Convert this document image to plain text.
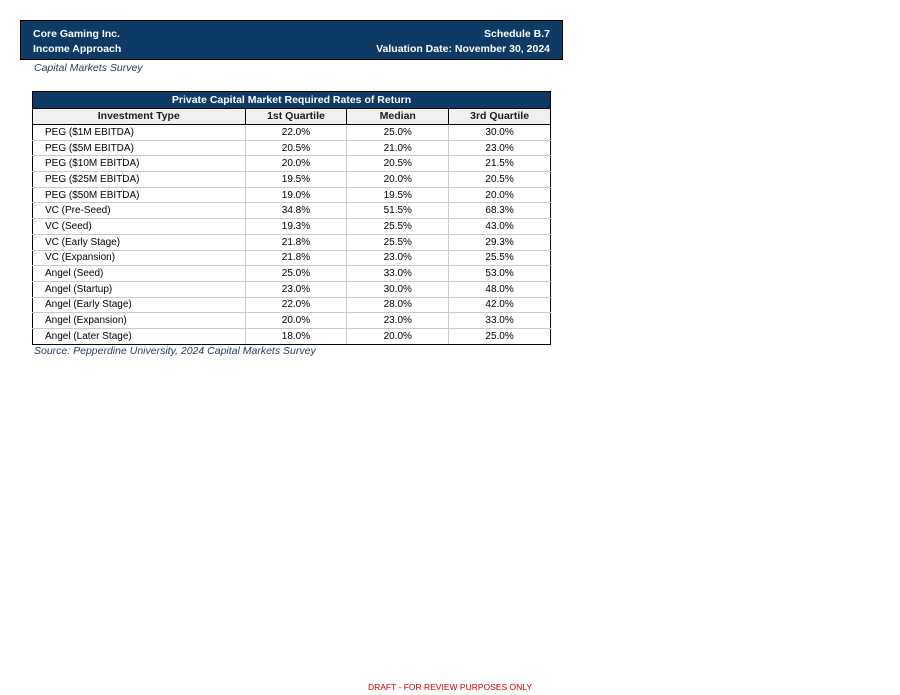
Core Gaming Inc.
Income Approach
Schedule B.7
Valuation Date: November 30, 2024
Capital Markets Survey
Private Capital Market Required Rates of Return			
Investment Type	1st Quartile	Median	3rd Quartile
PEG ($1M EBITDA)	22.0%	25.0%	30.0%
PEG ($5M EBITDA)	20.5%	21.0%	23.0%
PEG ($10M EBITDA)	20.0%	20.5%	21.5%
PEG ($25M EBITDA)	19.5%	20.0%	20.5%
PEG ($50M EBITDA)	19.0%	19.5%	20.0%
VC (Pre-Seed)	34.8%	51.5%	68.3%
VC (Seed)	19.3%	25.5%	43.0%
VC (Early Stage)	21.8%	25.5%	29.3%
VC (Expansion)	21.8%	23.0%	25.5%
Angel (Seed)	25.0%	33.0%	53.0%
Angel (Startup)	23.0%	30.0%	48.0%
Angel (Early Stage)	22.0%	28.0%	42.0%
Angel (Expansion)	20.0%	23.0%	33.0%
Angel (Later Stage)	18.0%	20.0%	25.0%
Source: Pepperdine University, 2024 Capital Markets Survey
DRAFT - FOR REVIEW PURPOSES ONLY
